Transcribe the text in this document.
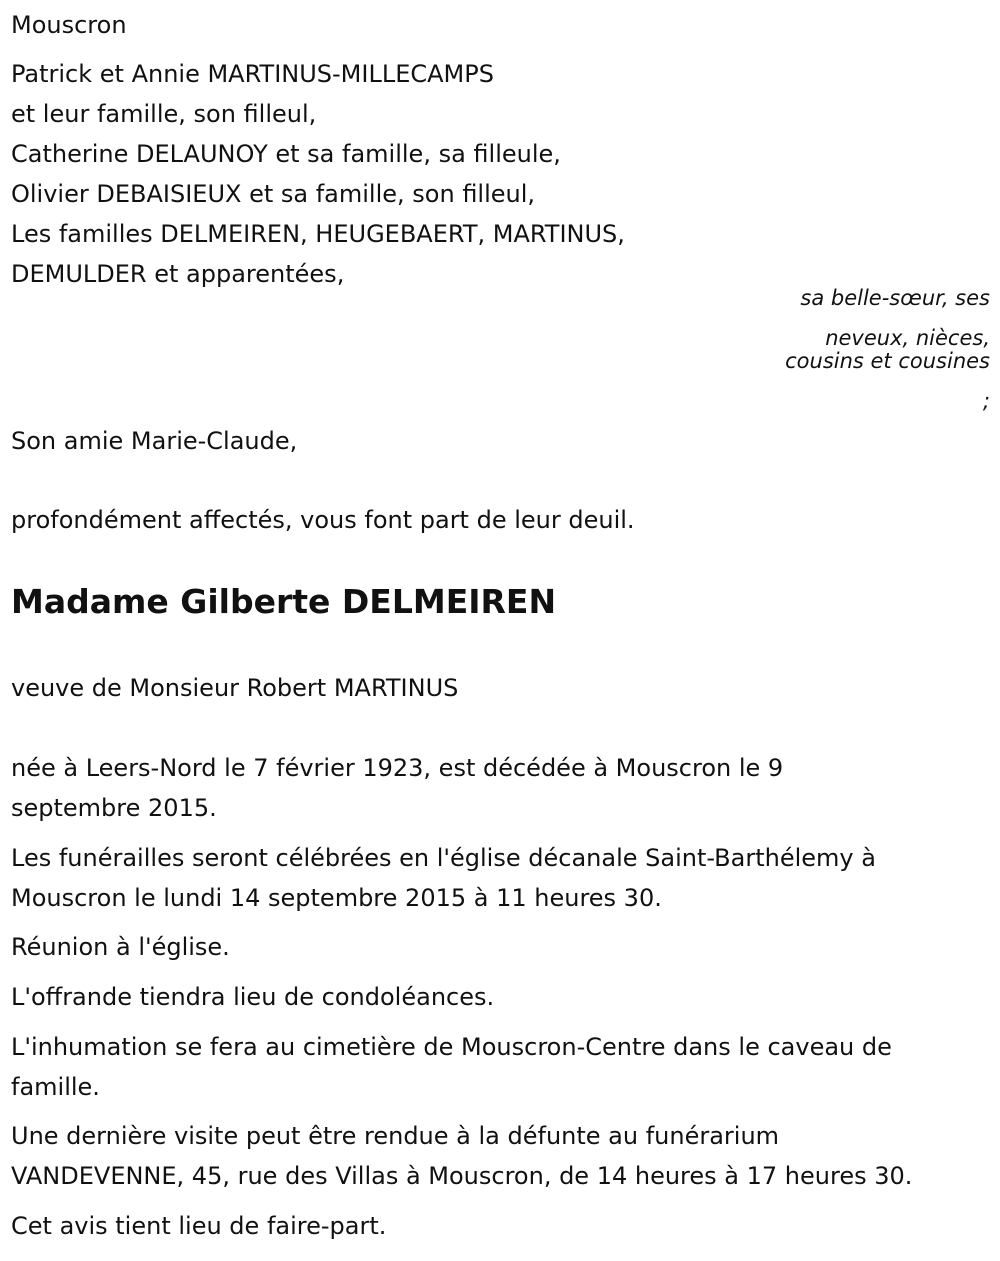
Mouscron
Patrick et Annie MARTINUS-MILLECAMPS
et leur famille, son filleul,
Catherine DELAUNOY et sa famille, sa filleule,
Olivier DEBAISIEUX et sa famille, son filleul,
Les familles DELMEIREN, HEUGEBAERT, MARTINUS,
DEMULDER et apparentées,
sa belle-sœur, ses
neveux, nièces,
cousins et cousines
;
Son amie Marie-Claude,
profondément affectés, vous font part de leur deuil.
Madame Gilberte DELMEIREN
veuve de Monsieur Robert MARTINUS
née à Leers-Nord le 7 février 1923, est décédée à Mouscron le 9
septembre 2015.
Les funérailles seront célébrées en l'église décanale Saint-Barthélemy à
Mouscron le lundi 14 septembre 2015 à 11 heures 30.
Réunion à l'église.
L'offrande tiendra lieu de condoléances.
L'inhumation se fera au cimetière de Mouscron-Centre dans le caveau de
famille.
Une dernière visite peut être rendue à la défunte au funérarium
VANDEVENNE, 45, rue des Villas à Mouscron, de 14 heures à 17 heures 30.
Cet avis tient lieu de faire-part.
